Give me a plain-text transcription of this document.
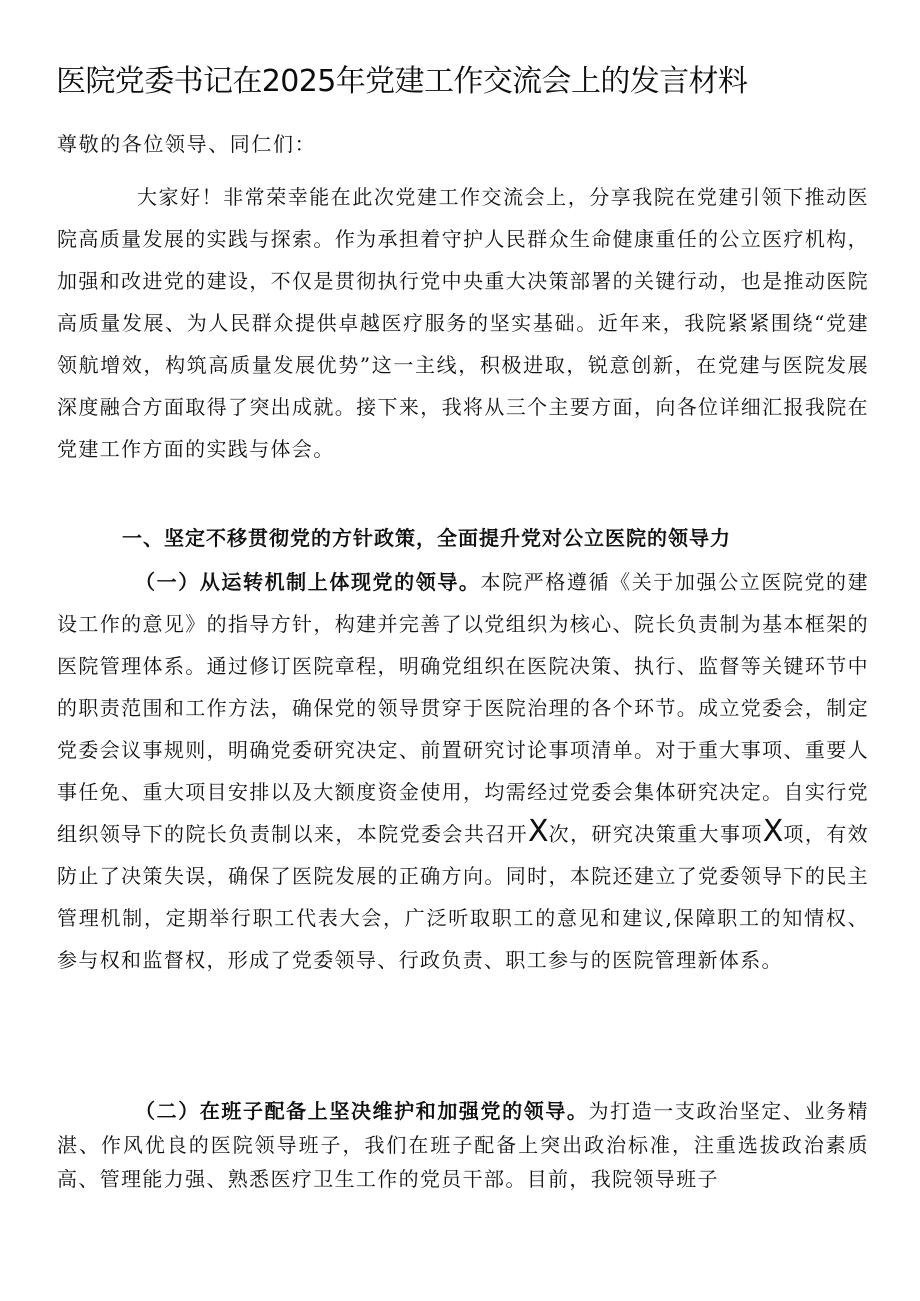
医院党委书记在2025年党建工作交流会上的发言材料

尊敬的各位领导、同仁们：

大家好！非常荣幸能在此次党建工作交流会上，分享我院在党建引领下推动医院高质量发展的实践与探索。作为承担着守护人民群众生命健康重任的公立医疗机构，加强和改进党的建设，不仅是贯彻执行党中央重大决策部署的关键行动，也是推动医院高质量发展、为人民群众提供卓越医疗服务的坚实基础。近年来，我院紧紧围绕“党建领航增效，构筑高质量发展优势”这一主线，积极进取，锐意创新，在党建与医院发展深度融合方面取得了突出成就。接下来，我将从三个主要方面，向各位详细汇报我院在党建工作方面的实践与体会。

一、坚定不移贯彻党的方针政策，全面提升党对公立医院的领导力

（一）从运转机制上体现党的领导。本院严格遵循《关于加强公立医院党的建设工作的意见》的指导方针，构建并完善了以党组织为核心、院长负责制为基本框架的医院管理体系。通过修订医院章程，明确党组织在医院决策、执行、监督等关键环节中的职责范围和工作方法，确保党的领导贯穿于医院治理的各个环节。成立党委会，制定党委会议事规则，明确党委研究决定、前置研究讨论事项清单。对于重大事项、重要人事任免、重大项目安排以及大额度资金使用，均需经过党委会集体研究决定。自实行党组织领导下的院长负责制以来，本院党委会共召开X次，研究决策重大事项X项，有效防止了决策失误，确保了医院发展的正确方向。同时，本院还建立了党委领导下的民主管理机制，定期举行职工代表大会，广泛听取职工的意见和建议,保障职工的知情权、参与权和监督权，形成了党委领导、行政负责、职工参与的医院管理新体系。

（二）在班子配备上坚决维护和加强党的领导。为打造一支政治坚定、业务精湛、作风优良的医院领导班子，我们在班子配备上突出政治标准，注重选拔政治素质高、管理能力强、熟悉医疗卫生工作的党员干部。目前，我院领导班子
